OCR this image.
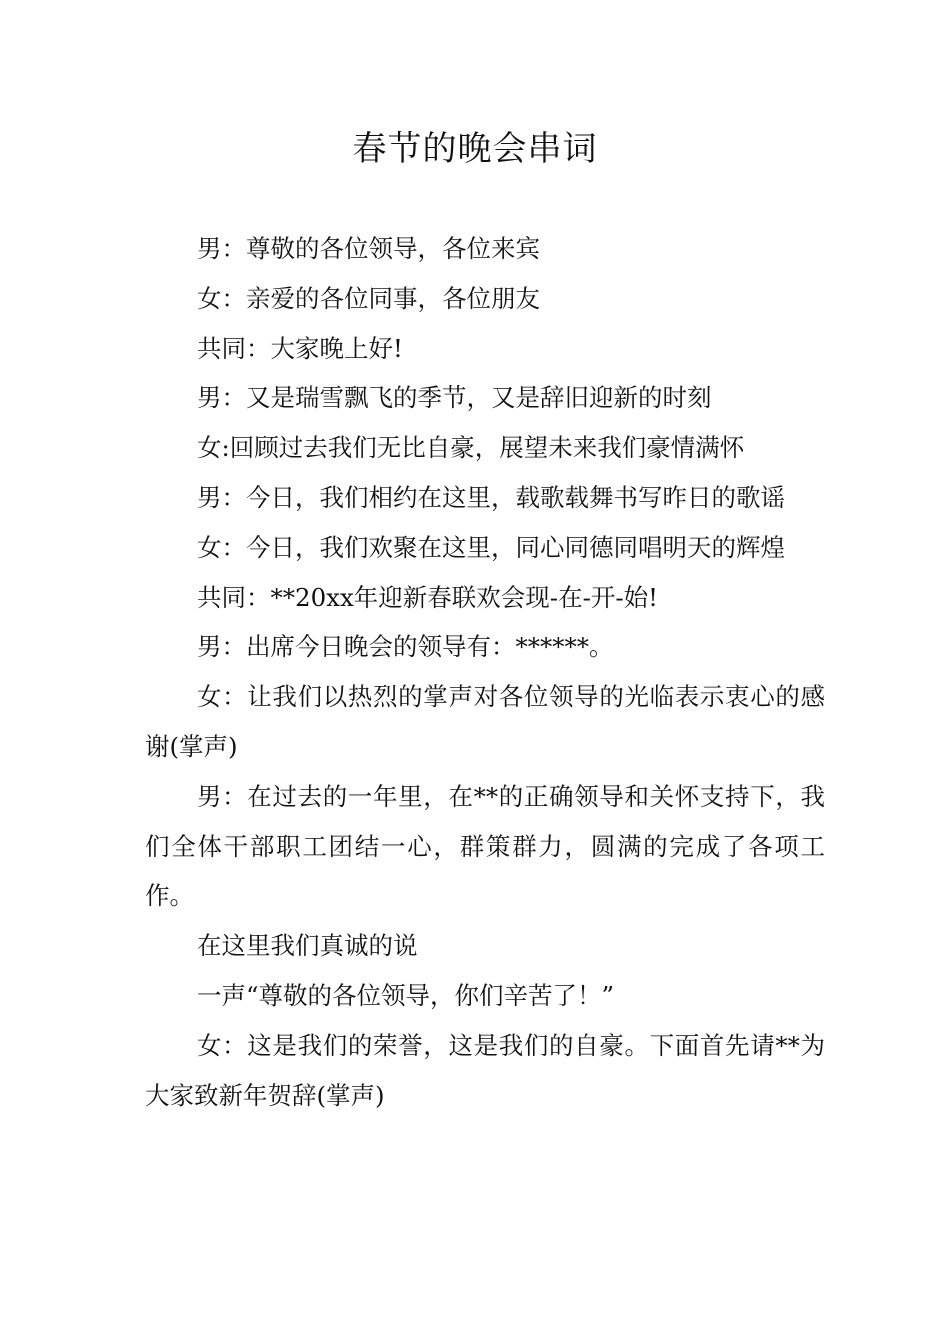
春节的晚会串词

男：尊敬的各位领导，各位来宾

女：亲爱的各位同事，各位朋友

共同：大家晚上好!

男：又是瑞雪飘飞的季节，又是辞旧迎新的时刻

女:回顾过去我们无比自豪，展望未来我们豪情满怀

男：今日，我们相约在这里，载歌载舞书写昨日的歌谣

女：今日，我们欢聚在这里，同心同德同唱明天的辉煌

共同：**20xx年迎新春联欢会现-在-开-始!

男：出席今日晚会的领导有：******。

女：让我们以热烈的掌声对各位领导的光临表示衷心的感谢(掌声)

男：在过去的一年里，在**的正确领导和关怀支持下，我们全体干部职工团结一心，群策群力，圆满的完成了各项工作。

在这里我们真诚的说

一声“尊敬的各位领导，你们辛苦了！”

女：这是我们的荣誉，这是我们的自豪。下面首先请**为大家致新年贺辞(掌声)
